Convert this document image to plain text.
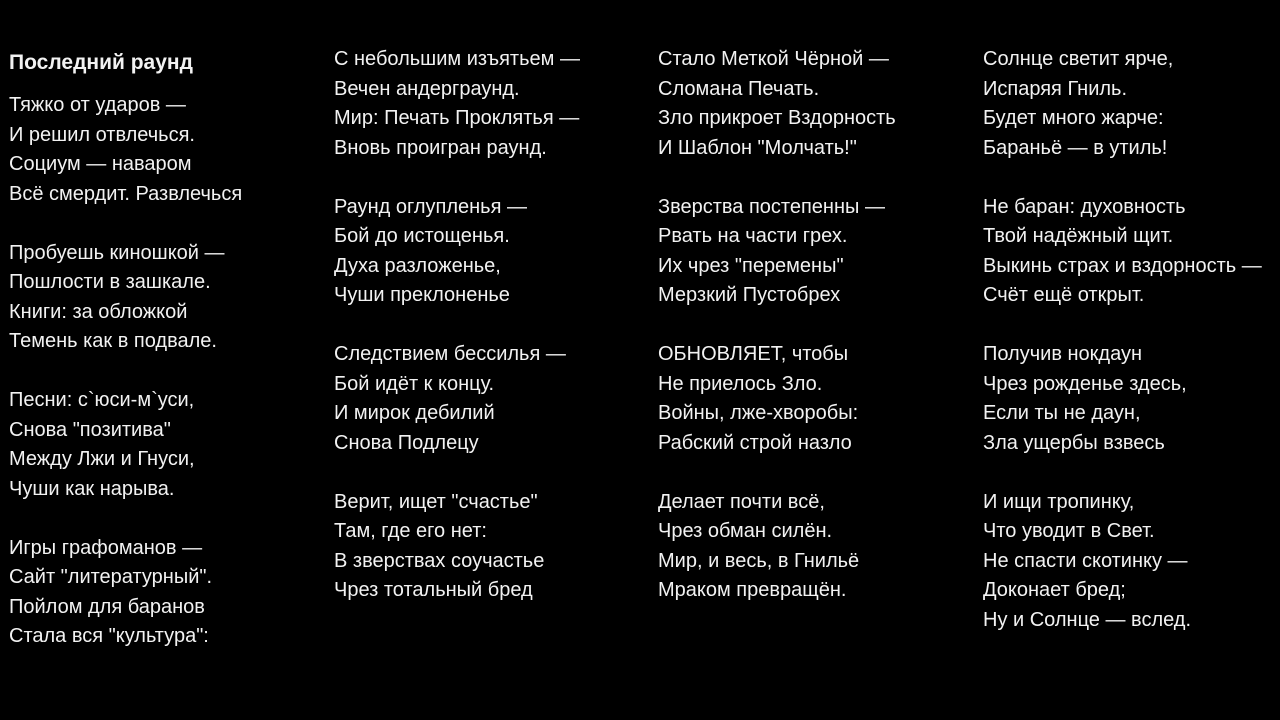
Последний раунд
Тяжко от ударов —
И решил отвлечься.
Социум — наваром
Всё смердит. Развлечься
Пробуешь киношкой —
Пошлости в зашкале.
Книги: за обложкой
Темень как в подвале.
Песни: с`юси-м`уси,
Снова "позитива"
Между Лжи и Гнуси,
Чуши как нарыва.
Игры графоманов —
Сайт "литературный".
Пойлом для баранов
Стала вся "культура":
С небольшим изъятьем —
Вечен андерграунд.
Мир: Печать Проклятья —
Вновь проигран раунд.
Раунд оглупленья —
Бой до истощенья.
Духа разложенье,
Чуши преклоненье
Следствием бессилья —
Бой идёт к концу.
И мирок дебилий
Снова Подлецу
Верит, ищет "счастье"
Там, где его нет:
В зверствах соучастье
Чрез тотальный бред
Стало Меткой Чёрной —
Сломана Печать.
Зло прикроет Вздорность
И Шаблон "Молчать!"
Зверства постепенны —
Рвать на части грех.
Их чрез "перемены"
Мерзкий Пустобрех
ОБНОВЛЯЕТ, чтобы
Не приелось Зло.
Войны, лже-хворобы:
Рабский строй назло
Делает почти всё,
Чрез обман силён.
Мир, и весь, в Гнильё
Мраком превращён.
Солнце светит ярче,
Испаряя Гниль.
Будет много жарче:
Бараньё — в утиль!
Не баран: духовность
Твой надёжный щит.
Выкинь страх и вздорность —
Счёт ещё открыт.
Получив нокдаун
Чрез рожденье здесь,
Если ты не даун,
Зла ущербы взвесь
И ищи тропинку,
Что уводит в Свет.
Не спасти скотинку —
Доконает бред;
Ну и Солнце — вслед.
